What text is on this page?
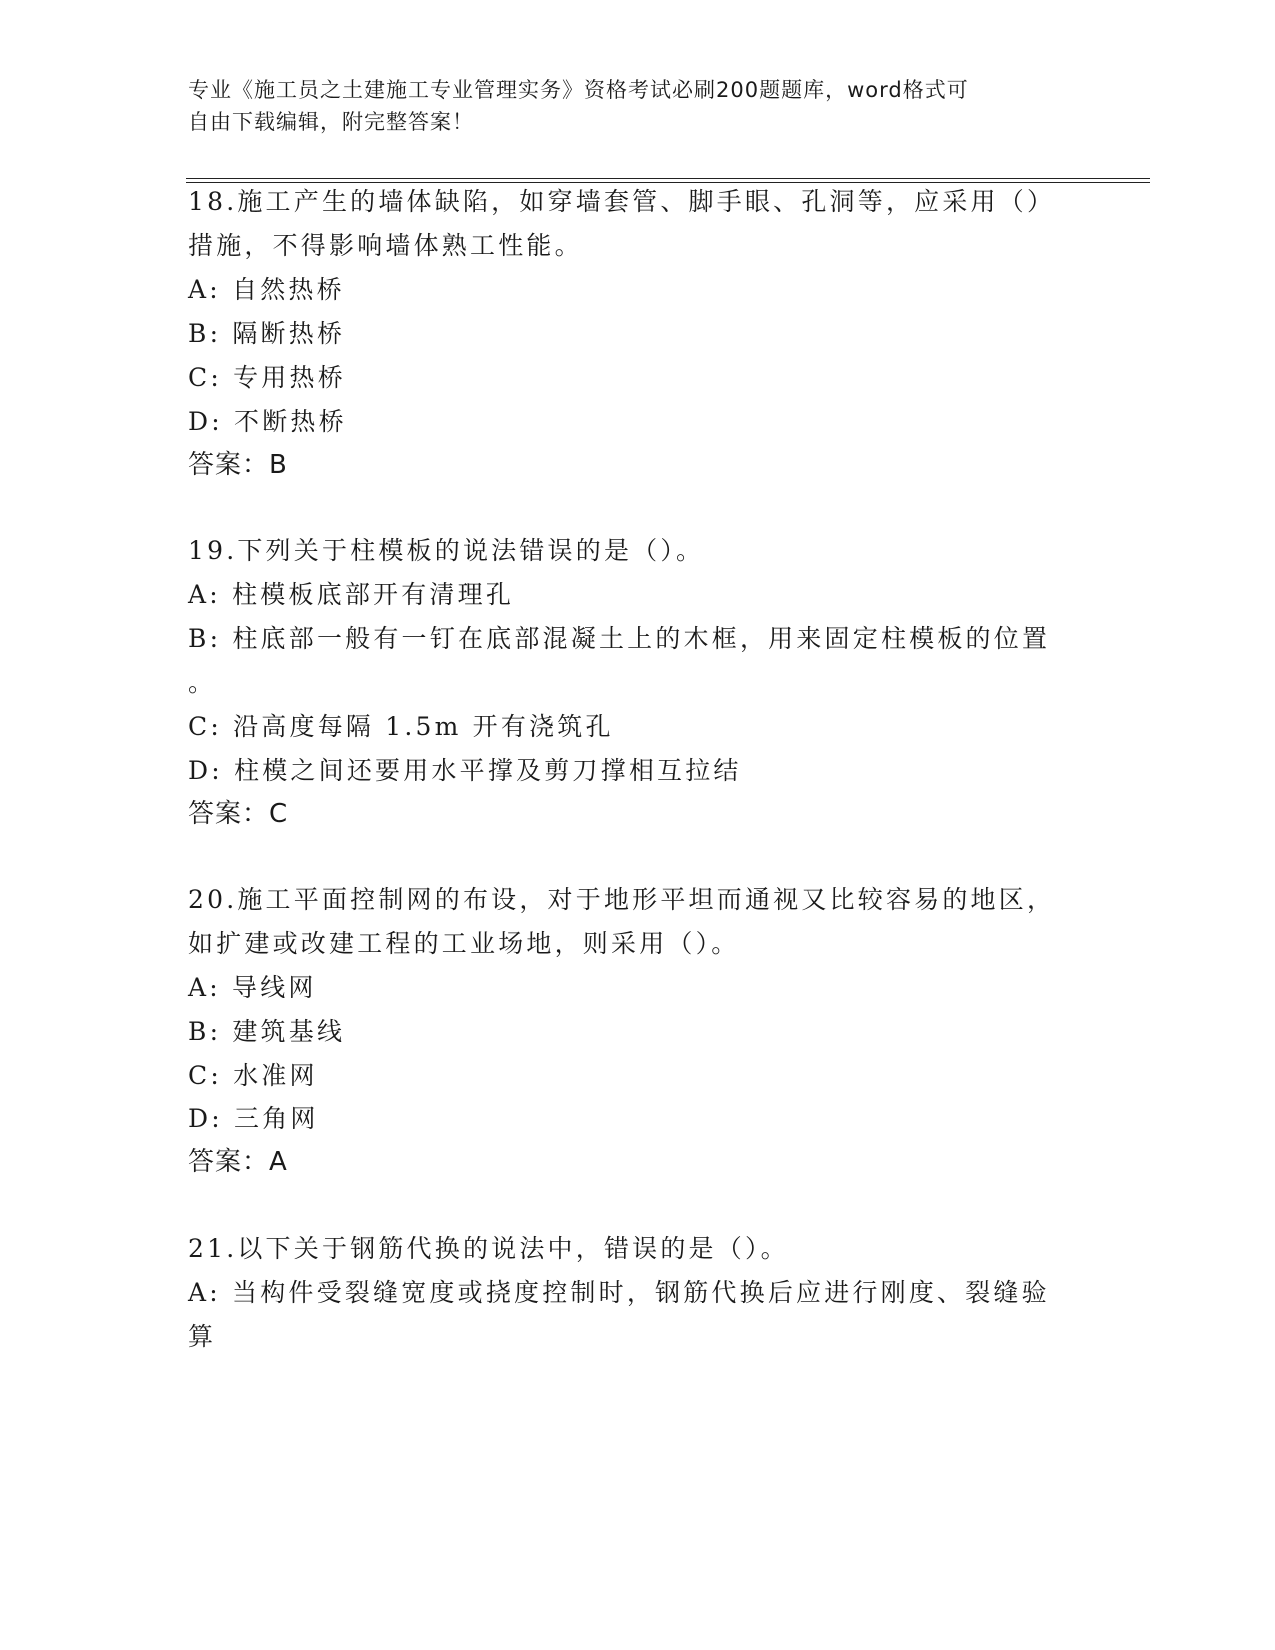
专业《施工员之土建施工专业管理实务》资格考试必刷200题题库，word格式可
自由下载编辑，附完整答案！
18.施工产生的墙体缺陷，如穿墙套管、脚手眼、孔洞等，应采用（）
措施，不得影响墙体熟工性能。
A: 自然热桥
B: 隔断热桥
C: 专用热桥
D: 不断热桥
答案：B
19.下列关于柱模板的说法错误的是（）。
A: 柱模板底部开有清理孔
B: 柱底部一般有一钉在底部混凝土上的木框，用来固定柱模板的位置
。
C: 沿高度每隔 1.5m 开有浇筑孔
D: 柱模之间还要用水平撑及剪刀撑相互拉结
答案：C
20.施工平面控制网的布设，对于地形平坦而通视又比较容易的地区，
如扩建或改建工程的工业场地，则采用（）。
A: 导线网
B: 建筑基线
C: 水准网
D: 三角网
答案：A
21.以下关于钢筋代换的说法中，错误的是（）。
A: 当构件受裂缝宽度或挠度控制时，钢筋代换后应进行刚度、裂缝验
算
